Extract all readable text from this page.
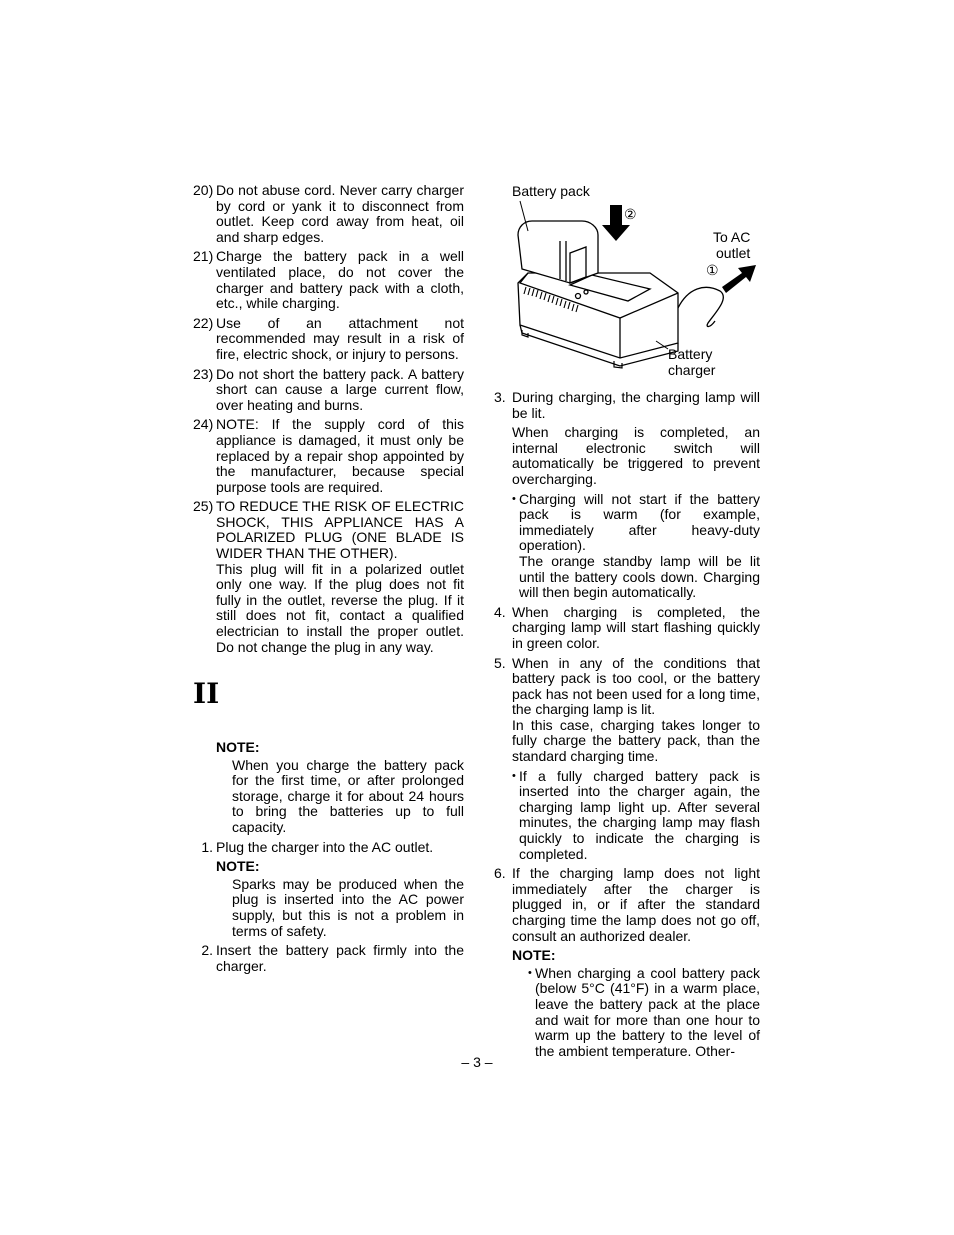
20) Do not abuse cord. Never carry charger by cord or yank it to disconnect from outlet. Keep cord away from heat, oil and sharp edges.
21) Charge the battery pack in a well ventilated place, do not cover the charger and battery pack with a cloth, etc., while charging.
22) Use of an attachment not recommended may result in a risk of fire, electric shock, or injury to persons.
23) Do not short the battery pack. A battery short can cause a large current flow, over heating and burns.
24) NOTE: If the supply cord of this appliance is damaged, it must only be replaced by a repair shop appointed by the manufacturer, because special purpose tools are required.
25) TO REDUCE THE RISK OF ELECTRIC SHOCK, THIS APPLIANCE HAS A POLARIZED PLUG (ONE BLADE IS WIDER THAN THE OTHER).
This plug will fit in a polarized outlet only one way. If the plug does not fit fully in the outlet, reverse the plug. If it still does not fit, contact a qualified electrician to install the proper outlet. Do not change the plug in any way.
II
NOTE:
When you charge the battery pack for the first time, or after prolonged storage, charge it for about 24 hours to bring the batteries up to full capacity.
1. Plug the charger into the AC outlet.
NOTE:
Sparks may be produced when the plug is inserted into the AC power supply, but this is not a problem in terms of safety.
2. Insert the battery pack firmly into the charger.
Battery pack
②
To AC
outlet
①
Battery
charger
3. During charging, the charging lamp will be lit.
When charging is completed, an internal electronic switch will automatically be triggered to prevent overcharging.
• Charging will not start if the battery pack is warm (for example, immediately after heavy-duty operation).
The orange standby lamp will be lit until the battery cools down. Charging will then begin automatically.
4. When charging is completed, the charging lamp will start flashing quickly in green color.
5. When in any of the conditions that battery pack is too cool, or the battery pack has not been used for a long time, the charging lamp is lit.
In this case, charging takes longer to fully charge the battery pack, than the standard charging time.
• If a fully charged battery pack is inserted into the charger again, the charging lamp light up. After several minutes, the charging lamp may flash quickly to indicate the charging is completed.
6. If the charging lamp does not light immediately after the charger is plugged in, or if after the standard charging time the lamp does not go off, consult an authorized dealer.
NOTE:
• When charging a cool battery pack (below 5°C (41°F) in a warm place, leave the battery pack at the place and wait for more than one hour to warm up the battery to the level of the ambient temperature. Other-
– 3 –
